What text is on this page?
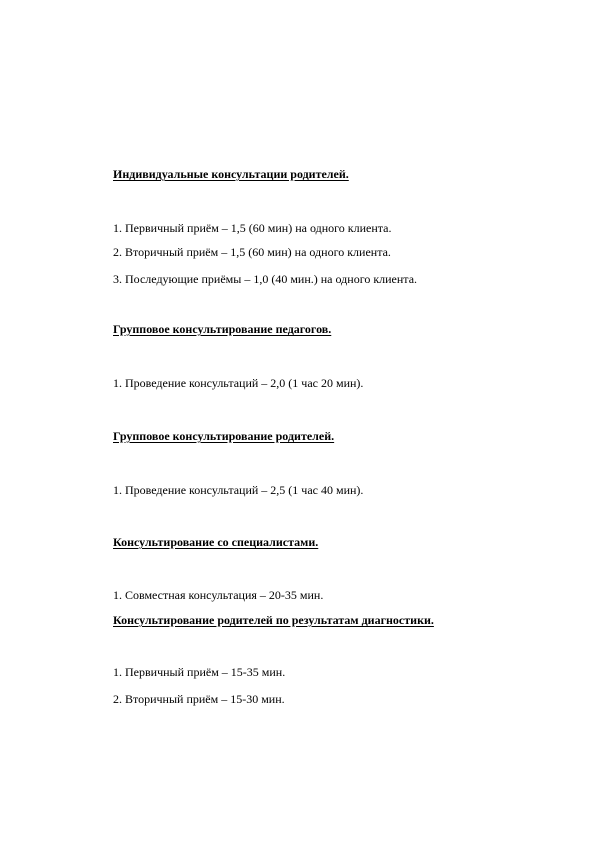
Индивидуальные консультации родителей.
1. Первичный приём – 1,5 (60 мин) на одного клиента.
2. Вторичный приём – 1,5 (60 мин) на одного клиента.
3. Последующие приёмы – 1,0 (40 мин.) на одного клиента.
Групповое консультирование педагогов.
1. Проведение консультаций – 2,0 (1 час 20 мин).
Групповое консультирование родителей.
1. Проведение консультаций – 2,5 (1 час 40 мин).
Консультирование со специалистами.
1. Совместная консультация – 20-35 мин.
Консультирование родителей по результатам диагностики.
1. Первичный приём – 15-35 мин.
2. Вторичный приём – 15-30 мин.
